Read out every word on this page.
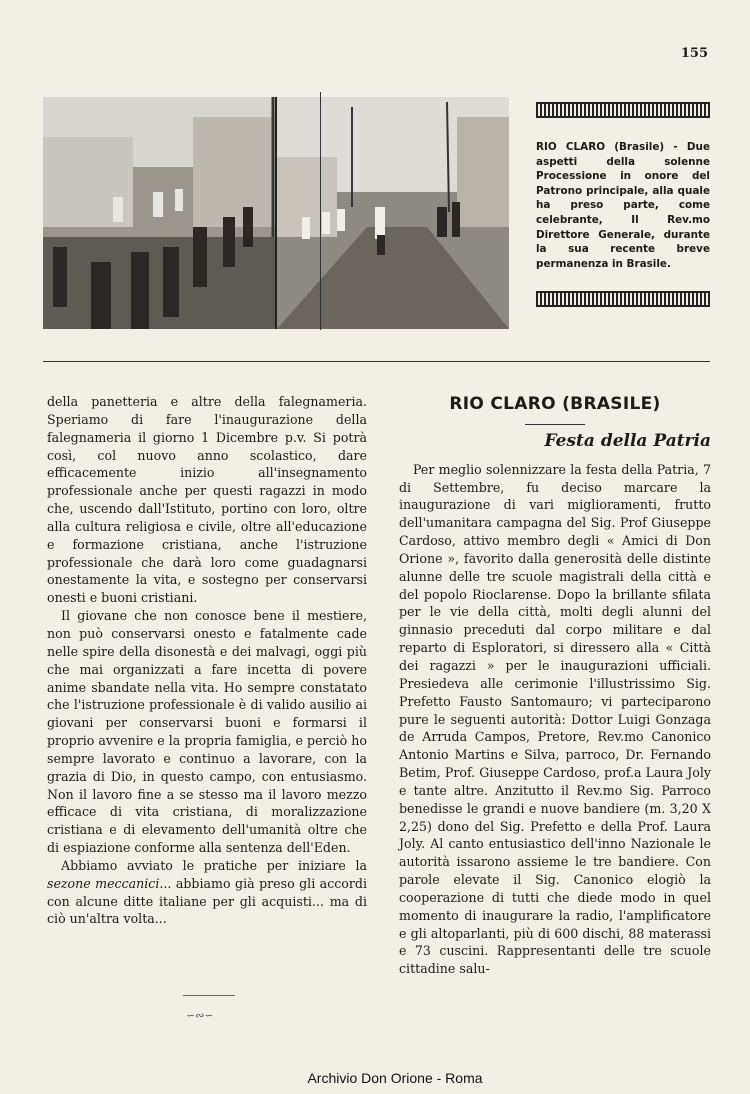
155
RIO CLARO (Brasile) - Due aspetti della solenne Processione in onore del Patrono principale, alla quale ha preso parte, come celebrante, Il Rev.mo Direttore Generale, durante la sua recente breve permanenza in Brasile.

della panetteria e altre della falegnameria. Speriamo di fare l'inaugurazione della falegnameria il giorno 1 Dicembre p.v. Si potrà così, col nuovo anno scolastico, dare efficacemente inizio all'insegnamento professionale anche per questi ragazzi in modo che, uscendo dall'Istituto, portino con loro, oltre alla cultura religiosa e civile, oltre all'educazione e formazione cristiana, anche l'istruzione professionale che darà loro come guadagnarsi onestamente la vita, e sostegno per conservarsi onesti e buoni cristiani.

Il giovane che non conosce bene il mestiere, non può conservarsi onesto e fatalmente cade nelle spire della disonestà e dei malvagi, oggi più che mai organizzati a fare incetta di povere anime sbandate nella vita. Ho sempre constatato che l'istruzione professionale è di valido ausilio ai giovani per conservarsi buoni e formarsi il proprio avvenire e la propria famiglia, e perciò ho sempre lavorato e continuo a lavorare, con la grazia di Dio, in questo campo, con entusiasmo. Non il lavoro fine a se stesso ma il lavoro mezzo efficace di vita cristiana, di moralizzazione cristiana e di elevamento dell'umanità oltre che di espiazione conforme alla sentenza dell'Eden.

Abbiamo avviato le pratiche per iniziare la sezone meccanici... abbiamo già preso gli accordi con alcune ditte italiane per gli acquisti... ma di ciò un'altra volta...

∽∾∽
RIO CLARO (BRASILE)
Festa della Patria

Per meglio solennizzare la festa della Patria, 7 di Settembre, fu deciso marcare la inaugurazione di vari miglioramenti, frutto dell'umanitara campagna del Sig. Prof Giuseppe Cardoso, attivo membro degli « Amici di Don Orione », favorito dalla generosità delle distinte alunne delle tre scuole magistrali della città e del popolo Rioclarense. Dopo la brillante sfilata per le vie della città, molti degli alunni del ginnasio preceduti dal corpo militare e dal reparto di Esploratori, si diressero alla « Città dei ragazzi » per le inaugurazioni ufficiali. Presiedeva alle cerimonie l'illustrissimo Sig. Prefetto Fausto Santomauro; vi parteciparono pure le seguenti autorità: Dottor Luigi Gonzaga de Arruda Campos, Pretore, Rev.mo Canonico Antonio Martins e Silva, parroco, Dr. Fernando Betim, Prof. Giuseppe Cardoso, prof.a Laura Joly e tante altre. Anzitutto il Rev.mo Sig. Parroco benedisse le grandi e nuove bandiere (m. 3,20 X 2,25) dono del Sig. Prefetto e della Prof. Laura Joly. Al canto entusiastico dell'inno Nazionale le autorità issarono assieme le tre bandiere. Con parole elevate il Sig. Canonico elogiò la cooperazione di tutti che diede modo in quel momento di inaugurare la radio, l'amplificatore e gli altoparlanti, più di 600 dischi, 88 materassi e 73 cuscini. Rappresentanti delle tre scuole cittadine salu-

Archivio Don Orione - Roma
